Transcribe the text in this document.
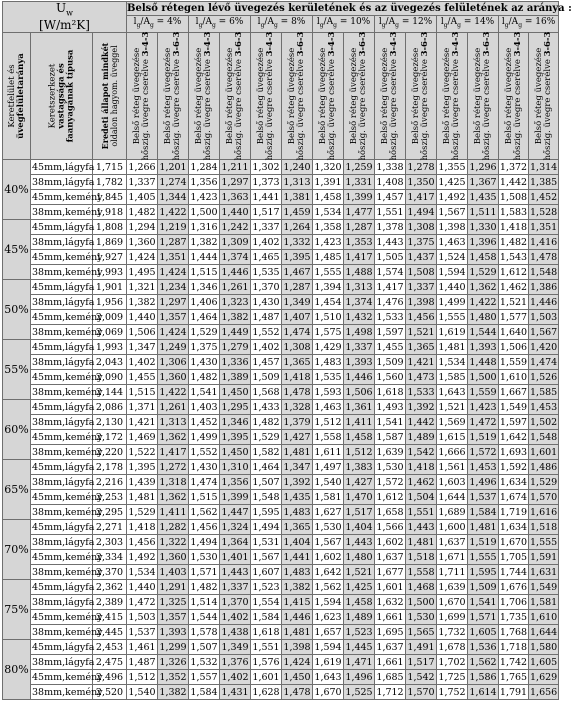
$U_w$
[W/m²K]			Belső rétegen lévő üvegezés kerületének és az üvegezés felületének az aránya :													
			$l_g/A_g = 4\%$		$l_g/A_g = 6\%$		$l_g/A_g = 8\%$		$l_g/A_g = 10\%$		$l_g/A_g = 12\%$		$l_g/A_g = 14\%$		$l_g/A_g = 16\%$	

Keretfelület és
üvegfelületaránya	Keretszerkezet
vastagsága és
faanyagának típusa	Eredeti állapot mindkét
oldalon hagyom. üveggel	Belső réteg üvegezése
hőszig. üvegre cserélve 3-4-3	Belső réteg üvegezése
hőszig. üvegre cserélve 3-6-3	Belső réteg üvegezése
hőszig. üvegre cserélve 3-4-3	Belső réteg üvegezése
hőszig. üvegre cserélve 3-6-3	Belső réteg üvegezése
hőszig. üvegre cserélve 3-4-3	Belső réteg üvegezése
hőszig. üvegre cserélve 3-6-3	Belső réteg üvegezése
hőszig. üvegre cserélve 3-4-3	Belső réteg üvegezése
hőszig. üvegre cserélve 3-6-3	Belső réteg üvegezése
hőszig. üvegre cserélve 3-4-3	Belső réteg üvegezése
hőszig. üvegre cserélve 3-6-3	Belső réteg üvegezése
hőszig. üvegre cserélve 3-4-3	Belső réteg üvegezése
hőszig. üvegre cserélve 3-6-3	Belső réteg üvegezése
hőszig. üvegre cserélve 3-4-3	Belső réteg üvegezése
hőszig. üvegre cserélve 3-6-3

40%	45mm,lágyfa	1,715	1,266	1,201	1,284	1,211	1,302	1,240	1,320	1,259	1,338	1,278	1,355	1,296	1,372	1,314
	38mm,lágyfa	1,782	1,337	1,274	1,356	1,297	1,373	1,313	1,391	1,331	1,408	1,350	1,425	1,367	1,442	1,385
	45mm,kemény	1,845	1,405	1,344	1,423	1,363	1,441	1,381	1,458	1,399	1,457	1,417	1,492	1,435	1,508	1,452
	38mm,kemény	1,918	1,482	1,422	1,500	1,440	1,517	1,459	1,534	1,477	1,551	1,494	1,567	1,511	1,583	1,528
45%	45mm,lágyfa	1,808	1,294	1,219	1,316	1,242	1,337	1,264	1,358	1,287	1,378	1,308	1,398	1,330	1,418	1,351
	38mm,lágyfa	1,869	1,360	1,287	1,382	1,309	1,402	1,332	1,423	1,353	1,443	1,375	1,463	1,396	1,482	1,416
	45mm,kemény	1,927	1,424	1,351	1,444	1,374	1,465	1,395	1,485	1,417	1,505	1,437	1,524	1,458	1,543	1,478
	38mm,kemény	1,993	1,495	1,424	1,515	1,446	1,535	1,467	1,555	1,488	1,574	1,508	1,594	1,529	1,612	1,548
50%	45mm,lágyfa	1,901	1,321	1,234	1,346	1,261	1,370	1,287	1,394	1,313	1,417	1,337	1,440	1,362	1,462	1,386
	38mm,lágyfa	1,956	1,382	1,297	1,406	1,323	1,430	1,349	1,454	1,374	1,476	1,398	1,499	1,422	1,521	1,446
	45mm,kemény	2,009	1,440	1,357	1,464	1,382	1,487	1,407	1,510	1,432	1,533	1,456	1,555	1,480	1,577	1,503
	38mm,kemény	2,069	1,506	1,424	1,529	1,449	1,552	1,474	1,575	1,498	1,597	1,521	1,619	1,544	1,640	1,567
55%	45mm,lágyfa	1,993	1,347	1,249	1,375	1,279	1,402	1,308	1,429	1,337	1,455	1,365	1,481	1,393	1,506	1,420
	38mm,lágyfa	2,043	1,402	1,306	1,430	1,336	1,457	1,365	1,483	1,393	1,509	1,421	1,534	1,448	1,559	1,474
	45mm,kemény	2,090	1,455	1,360	1,482	1,389	1,509	1,418	1,535	1,446	1,560	1,473	1,585	1,500	1,610	1,526
	38mm,kemény	2,144	1,515	1,422	1,541	1,450	1,568	1,478	1,593	1,506	1,618	1,533	1,643	1,559	1,667	1,585
60%	45mm,lágyfa	2,086	1,371	1,261	1,403	1,295	1,433	1,328	1,463	1,361	1,493	1,392	1,521	1,423	1,549	1,453
	38mm,lágyfa	2,130	1,421	1,313	1,452	1,346	1,482	1,379	1,512	1,411	1,541	1,442	1,569	1,472	1,597	1,502
	45mm,kemény	2,172	1,469	1,362	1,499	1,395	1,529	1,427	1,558	1,458	1,587	1,489	1,615	1,519	1,642	1,548
	38mm,kemény	2,220	1,522	1,417	1,552	1,450	1,582	1,481	1,611	1,512	1,639	1,542	1,666	1,572	1,693	1,601
65%	45mm,lágyfa	2,178	1,395	1,272	1,430	1,310	1,464	1,347	1,497	1,383	1,530	1,418	1,561	1,453	1,592	1,486
	38mm,lágyfa	2,216	1,439	1,318	1,474	1,356	1,507	1,392	1,540	1,427	1,572	1,462	1,603	1,496	1,634	1,529
	45mm,kemény	2,253	1,481	1,362	1,515	1,399	1,548	1,435	1,581	1,470	1,612	1,504	1,644	1,537	1,674	1,570
	38mm,kemény	2,295	1,529	1,411	1,562	1,447	1,595	1,483	1,627	1,517	1,658	1,551	1,689	1,584	1,719	1,616
70%	45mm,lágyfa	2,271	1,418	1,282	1,456	1,324	1,494	1,365	1,530	1,404	1,566	1,443	1,600	1,481	1,634	1,518
	38mm,lágyfa	2,303	1,456	1,322	1,494	1,364	1,531	1,404	1,567	1,443	1,602	1,481	1,637	1,519	1,670	1,555
	45mm,kemény	2,334	1,492	1,360	1,530	1,401	1,567	1,441	1,602	1,480	1,637	1,518	1,671	1,555	1,705	1,591
	38mm,kemény	2,370	1,534	1,403	1,571	1,443	1,607	1,483	1,642	1,521	1,677	1,558	1,711	1,595	1,744	1,631
75%	45mm,lágyfa	2,362	1,440	1,291	1,482	1,337	1,523	1,382	1,562	1,425	1,601	1,468	1,639	1,509	1,676	1,549
	38mm,lágyfa	2,389	1,472	1,325	1,514	1,370	1,554	1,415	1,594	1,458	1,632	1,500	1,670	1,541	1,706	1,581
	45mm,kemény	2,415	1,503	1,357	1,544	1,402	1,584	1,446	1,623	1,489	1,661	1,530	1,699	1,571	1,735	1,610
	38mm,kemény	2,445	1,537	1,393	1,578	1,438	1,618	1,481	1,657	1,523	1,695	1,565	1,732	1,605	1,768	1,644
80%	45mm,lágyfa	2,453	1,461	1,299	1,507	1,349	1,551	1,398	1,594	1,445	1,637	1,491	1,678	1,536	1,718	1,580
	38mm,lágyfa	2,475	1,487	1,326	1,532	1,376	1,576	1,424	1,619	1,471	1,661	1,517	1,702	1,562	1,742	1,605
	45mm,kemény	2,496	1,512	1,352	1,557	1,402	1,601	1,450	1,643	1,496	1,685	1,542	1,725	1,586	1,765	1,629
	38mm,kemény	2,520	1,540	1,382	1,584	1,431	1,628	1,478	1,670	1,525	1,712	1,570	1,752	1,614	1,791	1,656
